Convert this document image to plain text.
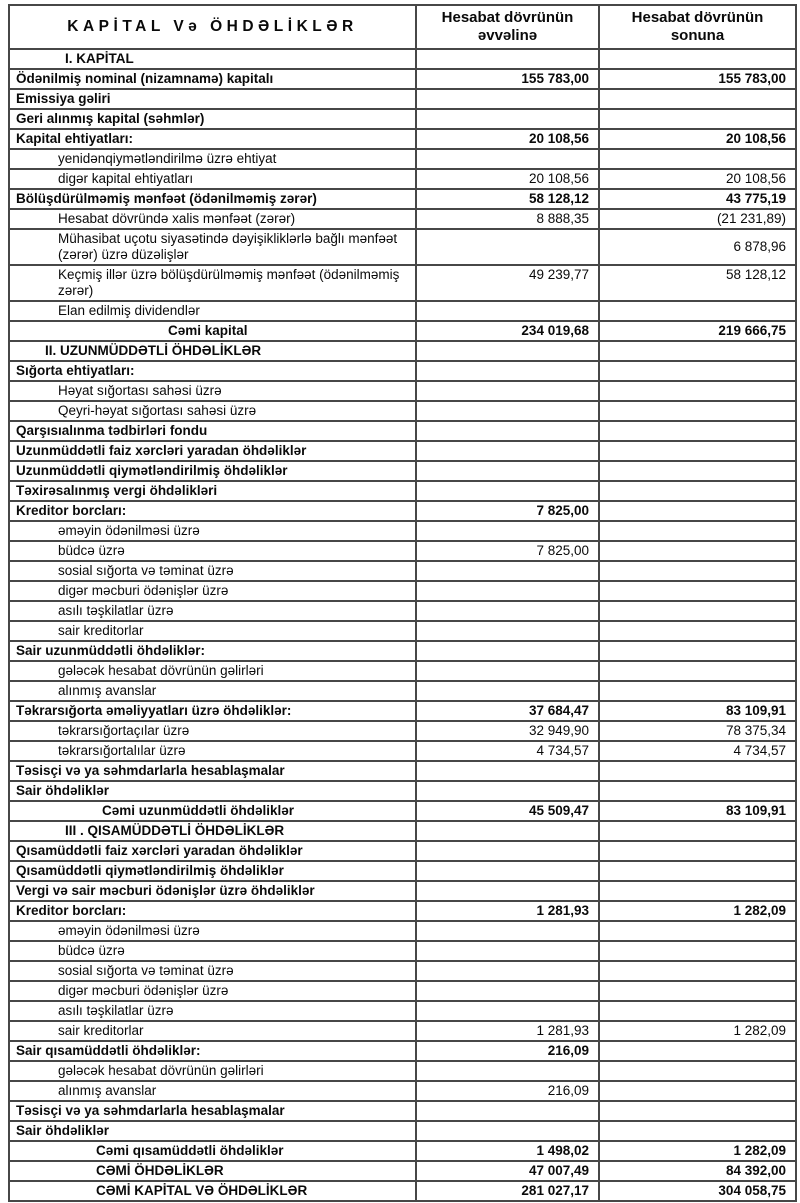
KAPİTAL Və ÖHDƏLİKLƏR	Hesabat dövrünün əvvəlinə	Hesabat dövrünün sonuna
I. KAPİTAL		
Ödənilmiş nominal (nizamnamə) kapitalı	155 783,00	155 783,00
Emissiya gəliri		
Geri alınmış kapital (səhmlər)		
Kapital ehtiyatları:	20 108,56	20 108,56
yenidənqiymətləndirilmə üzrə ehtiyat		
digər kapital ehtiyatları	20 108,56	20 108,56
Bölüşdürülməmiş mənfəət (ödənilməmiş zərər)	58 128,12	43 775,19
Hesabat dövründə xalis mənfəət (zərər)	8 888,35	(21 231,89)
Mühasibat uçotu siyasətində dəyişikliklərlə bağlı mənfəət (zərər) üzrə düzəlişlər		6 878,96
Keçmiş illər üzrə bölüşdürülməmiş mənfəət (ödənilməmiş zərər)	49 239,77	58 128,12
Elan edilmiş dividendlər		
Cəmi kapital	234 019,68	219 666,75
II. UZUNMÜDDƏTLİ ÖHDƏLİKLƏR		
Sığorta ehtiyatları:		
Həyat sığortası sahəsi üzrə		
Qeyri-həyat sığortası sahəsi üzrə		
Qarşısıalınma tədbirləri fondu		
Uzunmüddətli faiz xərcləri yaradan öhdəliklər		
Uzunmüddətli qiymətləndirilmiş öhdəliklər		
Təxirəsalınmış vergi öhdəlikləri		
Kreditor borcları:	7 825,00	
əməyin ödənilməsi üzrə		
büdcə üzrə	7 825,00	
sosial sığorta və təminat üzrə		
digər məcburi ödənişlər üzrə		
asılı təşkilatlar üzrə		
sair kreditorlar		
Sair uzunmüddətli öhdəliklər:		
gələcək hesabat dövrünün gəlirləri		
alınmış avanslar		
Təkrarsığorta əməliyyatları üzrə öhdəliklər:	37 684,47	83 109,91
təkrarsığortaçılar üzrə	32 949,90	78 375,34
təkrarsığortalılar üzrə	4 734,57	4 734,57
Təsisçi və ya səhmdarlarla hesablaşmalar		
Sair öhdəliklər		
Cəmi uzunmüddətli öhdəliklər	45 509,47	83 109,91
III . QISAMÜDDƏTLİ ÖHDƏLİKLƏR		
Qısamüddətli faiz xərcləri yaradan öhdəliklər		
Qısamüddətli qiymətləndirilmiş öhdəliklər		
Vergi və sair məcburi ödənişlər üzrə öhdəliklər		
Kreditor borcları:	1 281,93	1 282,09
əməyin ödənilməsi üzrə		
büdcə üzrə		
sosial sığorta və təminat üzrə		
digər məcburi ödənişlər üzrə		
asılı təşkilatlar üzrə		
sair kreditorlar	1 281,93	1 282,09
Sair qısamüddətli öhdəliklər:	216,09	
gələcək hesabat dövrünün gəlirləri		
alınmış avanslar	216,09	
Təsisçi və ya səhmdarlarla hesablaşmalar		
Sair öhdəliklər		
Cəmi qısamüddətli öhdəliklər	1 498,02	1 282,09
CƏMİ ÖHDƏLİKLƏR	47 007,49	84 392,00
CƏMİ KAPİTAL VƏ ÖHDƏLİKLƏR	281 027,17	304 058,75
